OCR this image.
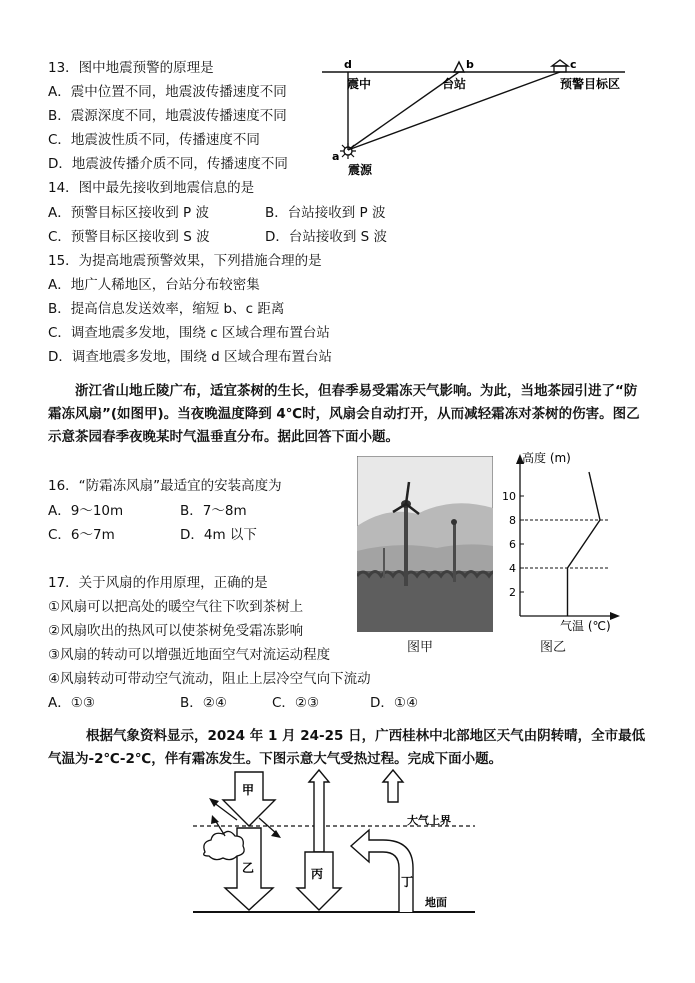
13．图中地震预警的原理是
A．震中位置不同，地震波传播速度不同
B．震源深度不同，地震波传播速度不同
C．地震波性质不同，传播速度不同
D．地震波传播介质不同，传播速度不同
d	b	c
a
震中	台站	预警目标区
震源
14．图中最先接收到地震信息的是
A．预警目标区接收到 P 波	B．台站接收到 P 波
C．预警目标区接收到 S 波	D．台站接收到 S 波
15．为提高地震预警效果，下列措施合理的是
A．地广人稀地区，台站分布较密集
B．提高信息发送效率，缩短 b、c 距离
C．调查地震多发地，围绕 c 区域合理布置台站
D．调查地震多发地，围绕 d 区域合理布置台站
浙江省山地丘陵广布，适宜茶树的生长，但春季易受霜冻天气影响。为此，当地茶园引进了“防霜冻风扇”(如图甲)。当夜晚温度降到 4℃时，风扇会自动打开，从而减轻霜冻对茶树的伤害。图乙示意茶园春季夜晚某时气温垂直分布。据此回答下面小题。
16．“防霜冻风扇”最适宜的安装高度为
A．9～10m	B．7～8m
C．6～7m	D．4m 以下
图甲
高度 (m)
气温 (℃)
2
4
6
8
10
图乙
17．关于风扇的作用原理，正确的是
①风扇可以把高处的暖空气往下吹到茶树上
②风扇吹出的热风可以使茶树免受霜冻影响
③风扇的转动可以增强近地面空气对流运动程度
④风扇转动可带动空气流动，阻止上层冷空气向下流动
A．①③	B．②④	C．②③	D．①④
根据气象资料显示，2024 年 1 月 24-25 日，广西桂林中北部地区天气由阴转晴，全市最低气温为-2℃-2℃，伴有霜冻发生。下图示意大气受热过程。完成下面小题。
甲
乙	丙
丁
大气上界
地面
